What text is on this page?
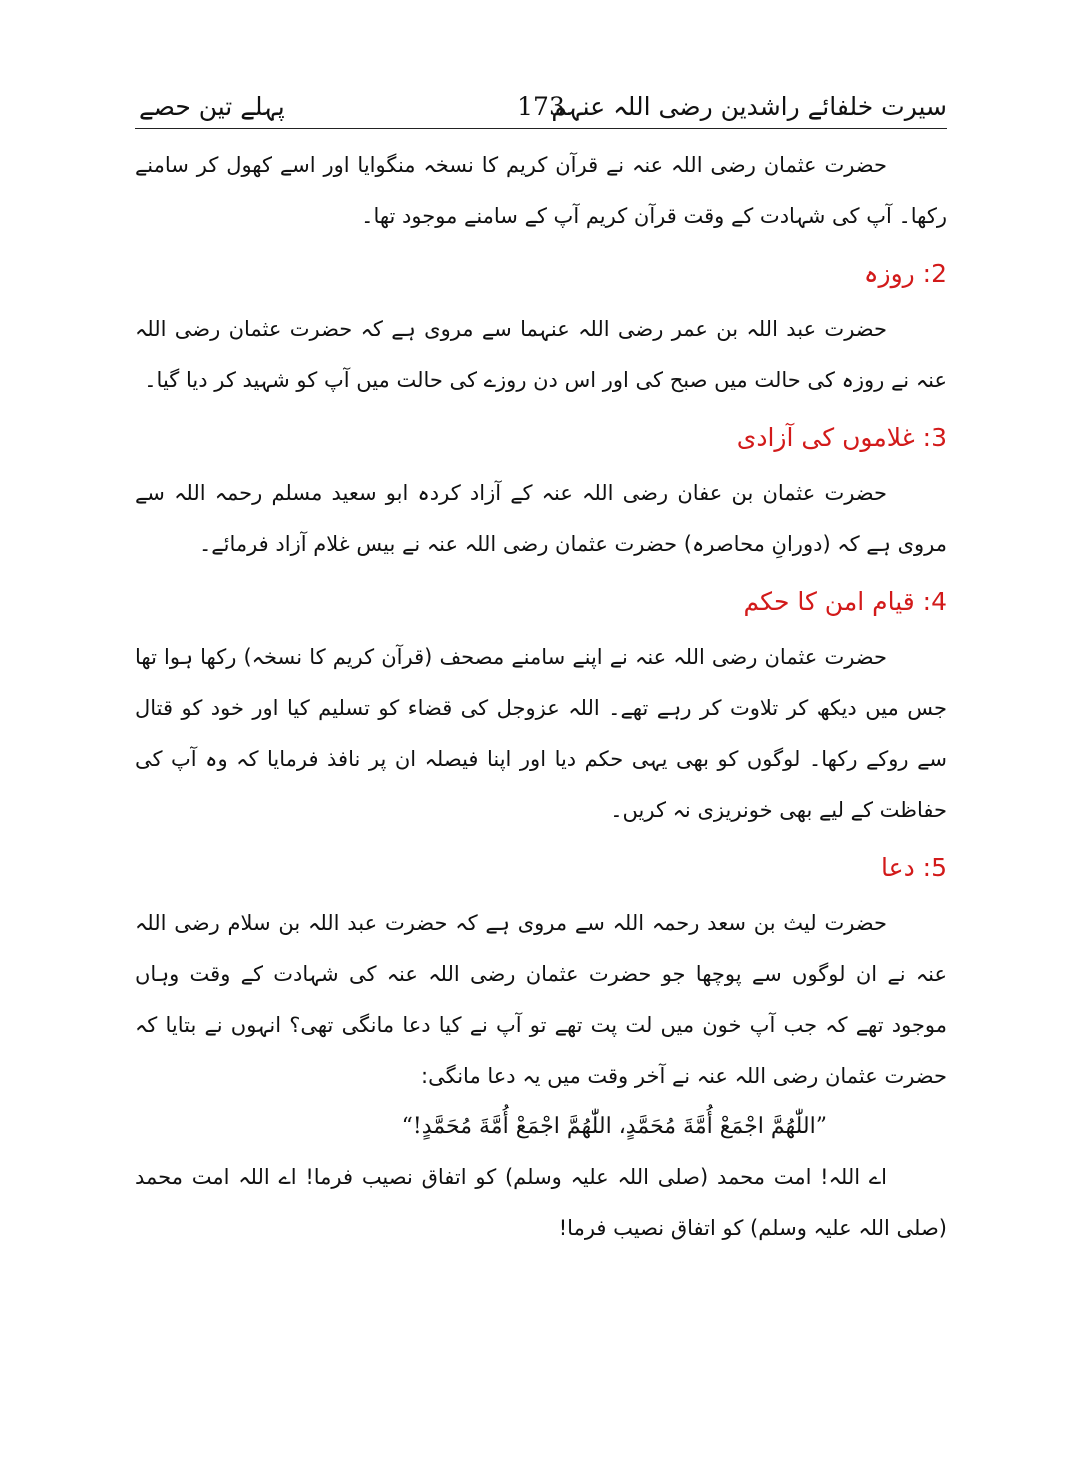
سیرت خلفائے راشدین رضی اللہ عنہم
173
پہلے تین حصے

حضرت عثمان رضی اللہ عنہ نے قرآن کریم کا نسخہ منگوایا اور اسے کھول کر سامنے رکھا۔ آپ کی شہادت کے وقت قرآن کریم آپ کے سامنے موجود تھا۔

2: روزہ

حضرت عبد اللہ بن عمر رضی اللہ عنہما سے مروی ہے کہ حضرت عثمان رضی اللہ عنہ نے روزہ کی حالت میں صبح کی اور اس دن روزے کی حالت میں آپ کو شہید کر دیا گیا۔

3: غلاموں کی آزادی

حضرت عثمان بن عفان رضی اللہ عنہ کے آزاد کردہ ابو سعید مسلم رحمہ اللہ سے مروی ہے کہ (دورانِ محاصرہ) حضرت عثمان رضی اللہ عنہ نے بیس غلام آزاد فرمائے۔

4: قیام امن کا حکم

حضرت عثمان رضی اللہ عنہ نے اپنے سامنے مصحف (قرآن کریم کا نسخہ) رکھا ہوا تھا جس میں دیکھ کر تلاوت کر رہے تھے۔ اللہ عزوجل کی قضاء کو تسلیم کیا اور خود کو قتال سے روکے رکھا۔ لوگوں کو بھی یہی حکم دیا اور اپنا فیصلہ ان پر نافذ فرمایا کہ وہ آپ کی حفاظت کے لیے بھی خونریزی نہ کریں۔

5: دعا

حضرت لیث بن سعد رحمہ اللہ سے مروی ہے کہ حضرت عبد اللہ بن سلام رضی اللہ عنہ نے ان لوگوں سے پوچھا جو حضرت عثمان رضی اللہ عنہ کی شہادت کے وقت وہاں موجود تھے کہ جب آپ خون میں لت پت تھے تو آپ نے کیا دعا مانگی تھی؟ انہوں نے بتایا کہ حضرت عثمان رضی اللہ عنہ نے آخر وقت میں یہ دعا مانگی:

”اللّٰهُمَّ اجْمَعْ أُمَّةَ مُحَمَّدٍ، اللّٰهُمَّ اجْمَعْ أُمَّةَ مُحَمَّدٍ!“

اے اللہ! امت محمد (صلی اللہ علیہ وسلم) کو اتفاق نصیب فرما! اے اللہ امت محمد (صلی اللہ علیہ وسلم) کو اتفاق نصیب فرما!
